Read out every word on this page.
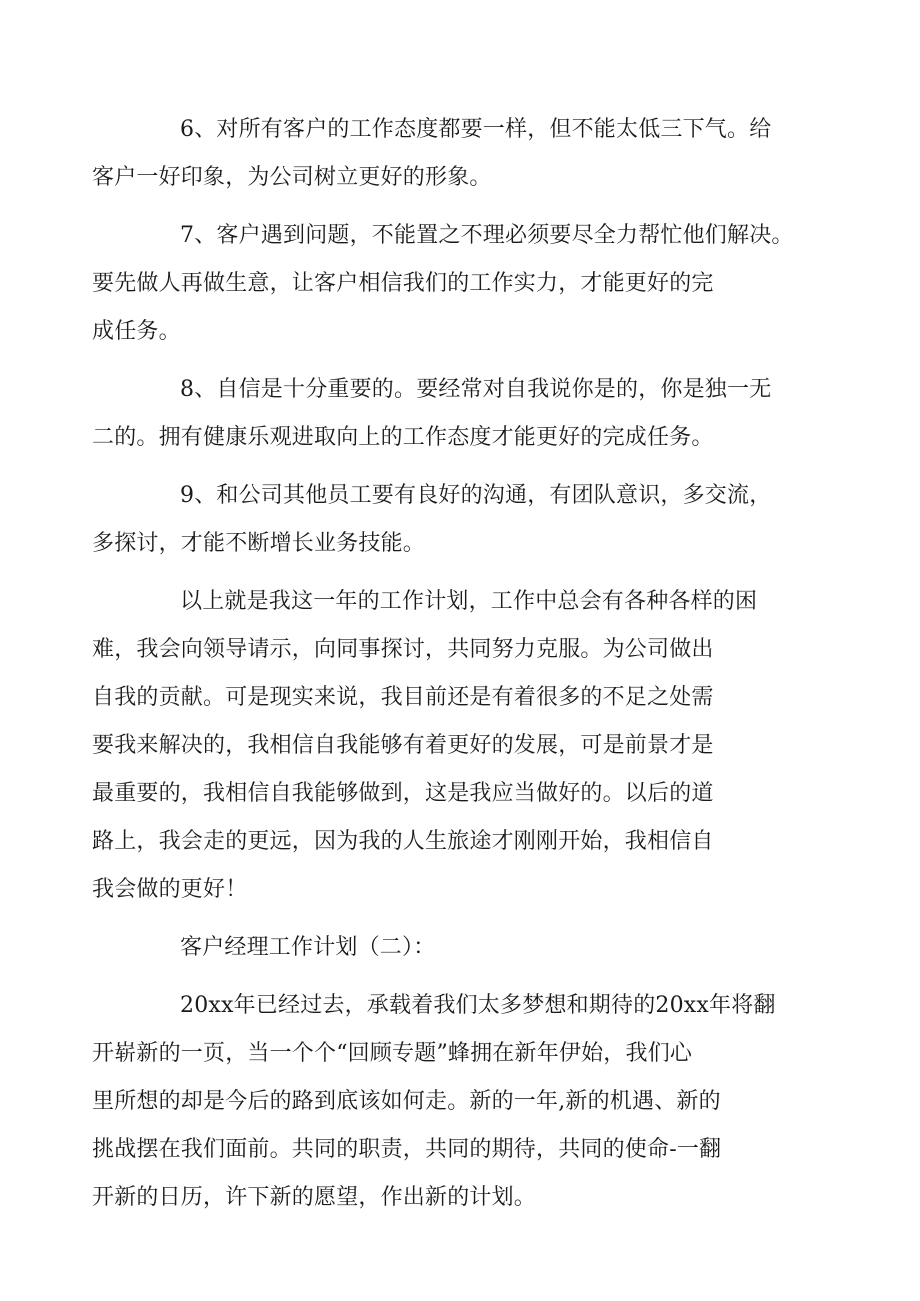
6、对所有客户的工作态度都要一样，但不能太低三下气。给
客户一好印象，为公司树立更好的形象。

7、客户遇到问题，不能置之不理必须要尽全力帮忙他们解决。
要先做人再做生意，让客户相信我们的工作实力，才能更好的完
成任务。

8、自信是十分重要的。要经常对自我说你是的，你是独一无
二的。拥有健康乐观进取向上的工作态度才能更好的完成任务。

9、和公司其他员工要有良好的沟通，有团队意识，多交流，
多探讨，才能不断增长业务技能。

以上就是我这一年的工作计划，工作中总会有各种各样的困
难，我会向领导请示，向同事探讨，共同努力克服。为公司做出
自我的贡献。可是现实来说，我目前还是有着很多的不足之处需
要我来解决的，我相信自我能够有着更好的发展，可是前景才是
最重要的，我相信自我能够做到，这是我应当做好的。以后的道
路上，我会走的更远，因为我的人生旅途才刚刚开始，我相信自
我会做的更好！

客户经理工作计划（二）：

20xx年已经过去，承载着我们太多梦想和期待的20xx年将翻
开崭新的一页，当一个个“回顾专题”蜂拥在新年伊始，我们心
里所想的却是今后的路到底该如何走。新的一年,新的机遇、新的
挑战摆在我们面前。共同的职责，共同的期待，共同的使命-一翻
开新的日历，许下新的愿望，作出新的计划。
